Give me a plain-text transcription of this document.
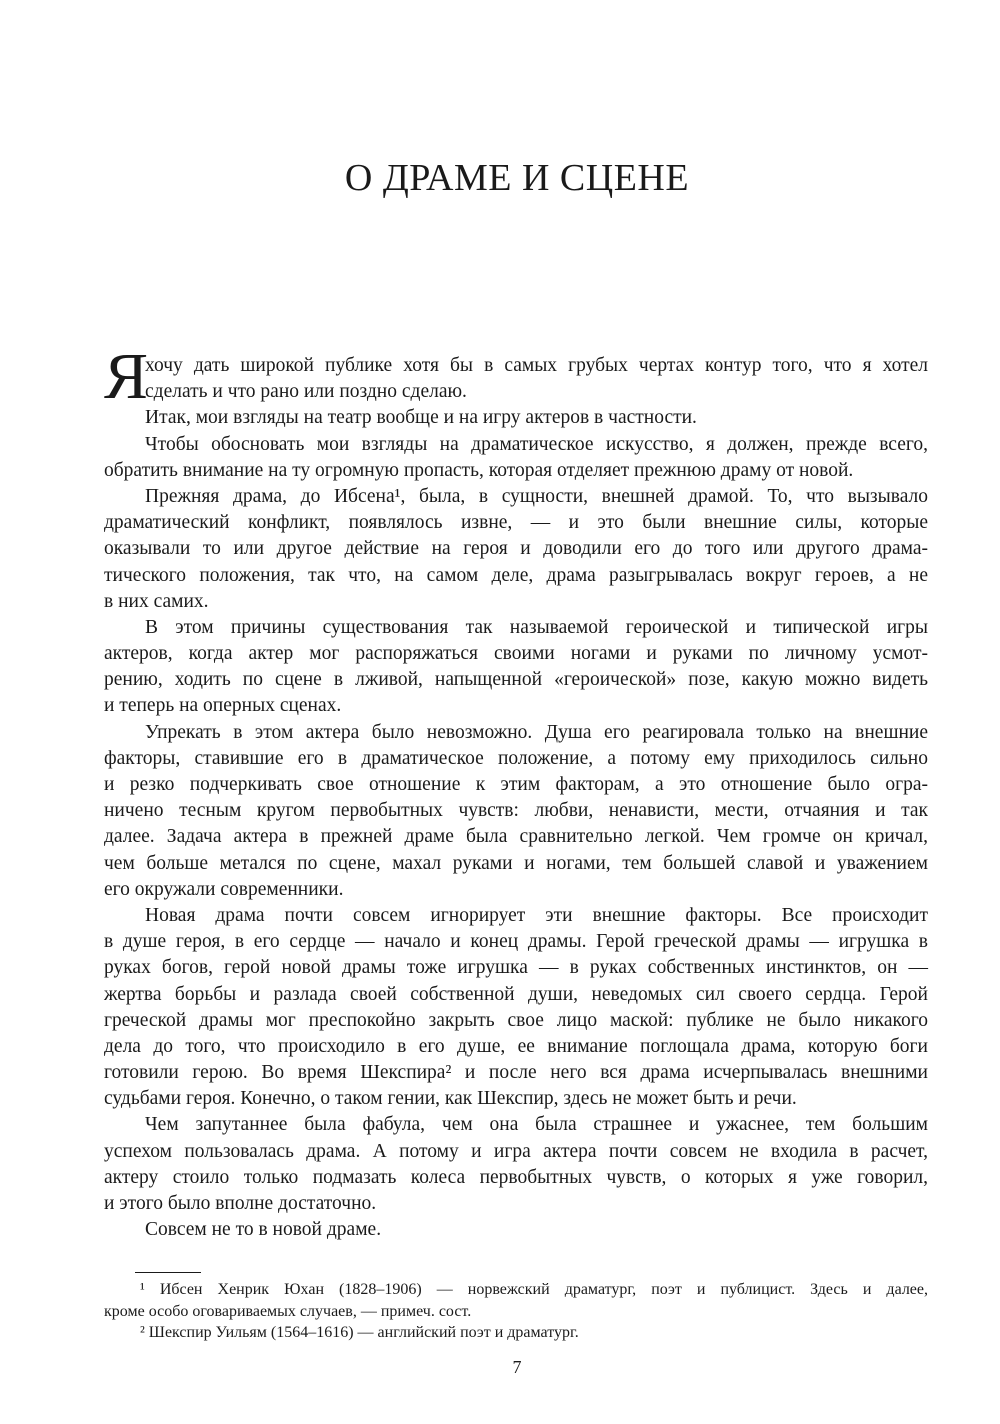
О ДРАМЕ И СЦЕНЕ
Я
хочу дать широкой публике хотя бы в самых грубых чертах контур того, что я хотел
сделать и что рано или поздно сделаю.
Итак, мои взгляды на театр вообще и на игру актеров в частности.
Чтобы обосновать мои взгляды на драматическое искусство, я должен, прежде всего,
обратить внимание на ту огромную пропасть, которая отделяет прежнюю драму от новой.
Прежняя драма, до Ибсена¹, была, в сущности, внешней драмой. То, что вызывало
драматический конфликт, появлялось извне, — и это были внешние силы, которые
оказывали то или другое действие на героя и доводили его до того или другого драма-
тического положения, так что, на самом деле, драма разыгрывалась вокруг героев, а не
в них самих.
В этом причины существования так называемой героической и типической игры
актеров, когда актер мог распоряжаться своими ногами и руками по личному усмот-
рению, ходить по сцене в лживой, напыщенной «героической» позе, какую можно видеть
и теперь на оперных сценах.
Упрекать в этом актера было невозможно. Душа его реагировала только на внешние
факторы, ставившие его в драматическое положение, а потому ему приходилось сильно
и резко подчеркивать свое отношение к этим факторам, а это отношение было огра-
ничено тесным кругом первобытных чувств: любви, ненависти, мести, отчаяния и так
далее. Задача актера в прежней драме была сравнительно легкой. Чем громче он кричал,
чем больше метался по сцене, махал руками и ногами, тем большей славой и уважением
его окружали современники.
Новая драма почти совсем игнорирует эти внешние факторы. Все происходит
в душе героя, в его сердце — начало и конец драмы. Герой греческой драмы — игрушка в
руках богов, герой новой драмы тоже игрушка — в руках собственных инстинктов, он —
жертва борьбы и разлада своей собственной души, неведомых сил своего сердца. Герой
греческой драмы мог преспокойно закрыть свое лицо маской: публике не было никакого
дела до того, что происходило в его душе, ее внимание поглощала драма, которую боги
готовили герою. Во время Шекспира² и после него вся драма исчерпывалась внешними
судьбами героя. Конечно, о таком гении, как Шекспир, здесь не может быть и речи.
Чем запутаннее была фабула, чем она была страшнее и ужаснее, тем большим
успехом пользовалась драма. А потому и игра актера почти совсем не входила в расчет,
актеру стоило только подмазать колеса первобытных чувств, о которых я уже говорил,
и этого было вполне достаточно.
Совсем не то в новой драме.
¹ Ибсен Хенрик Юхан (1828–1906) — норвежский драматург, поэт и публицист. Здесь и далее,
кроме особо оговариваемых случаев, — примеч. сост.
² Шекспир Уильям (1564–1616) — английский поэт и драматург.
7
